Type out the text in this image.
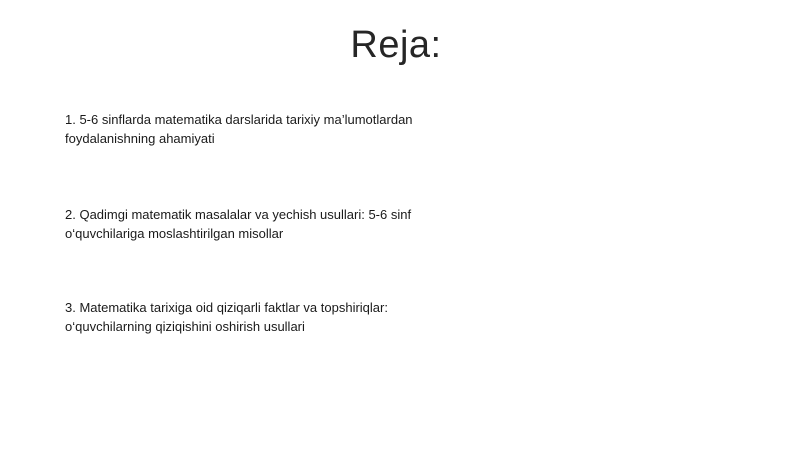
Reja:
1. 5-6 sinflarda matematika darslarida tarixiy ma’lumotlardan foydalanishning ahamiyati
2. Qadimgi matematik masalalar va yechish usullari: 5-6 sinf o‘quvchilariga moslashtirilgan misollar
3. Matematika tarixiga oid qiziqarli faktlar va topshiriqlar: o‘quvchilarning qiziqishini oshirish usullari
